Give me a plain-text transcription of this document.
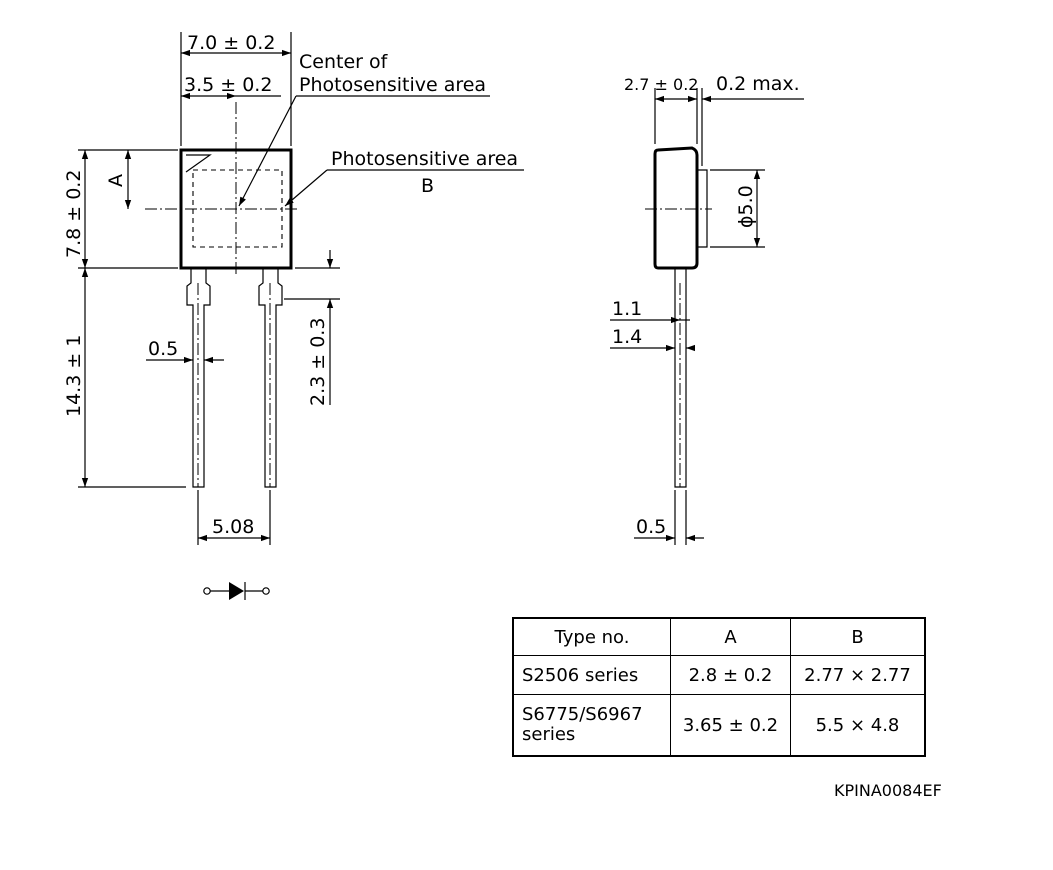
7.0 ± 0.2
3.5 ± 0.2
Center of
Photosensitive area
Photosensitive area
B
A
7.8 ± 0.2
14.3 ± 1	0.5	2.3 ± 0.3
5.08
2.7 ± 0.2 0.2 max.
ϕ5.0
1.1
1.4
0.5
Type no.	A	B
S2506 series	2.8 ± 0.2	2.77 × 2.77
S6775/S6967
series	3.65 ± 0.2	5.5 × 4.8
KPINA0084EF
